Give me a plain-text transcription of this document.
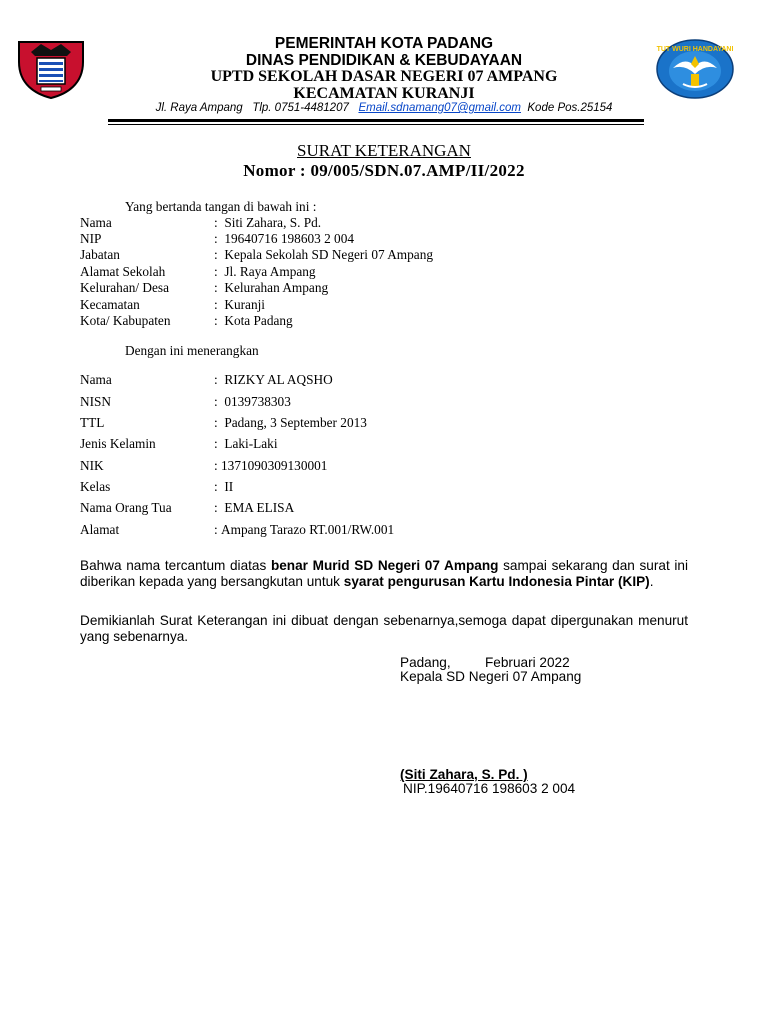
TUT WURI HANDAYANI
PEMERINTAH KOTA PADANG
DINAS PENDIDIKAN & KEBUDAYAAN
UPTD SEKOLAH DASAR NEGERI 07 AMPANG
KECAMATAN KURANJI
Jl. Raya Ampang Tlp. 0751-4481207 Email.sdnamang07@gmail.com Kode Pos.25154
SURAT KETERANGAN
Nomor : 09/005/SDN.07.AMP/II/2022
Yang bertanda tangan di bawah ini :
Nama	: Siti Zahara, S. Pd.
NIP	: 19640716 198603 2 004
Jabatan	: Kepala Sekolah SD Negeri 07 Ampang
Alamat Sekolah	: Jl. Raya Ampang
Kelurahan/ Desa	: Kelurahan Ampang
Kecamatan	: Kuranji
Kota/ Kabupaten	: Kota Padang
Dengan ini menerangkan
Nama	: RIZKY AL AQSHO
NISN	: 0139738303
TTL	: Padang, 3 September 2013
Jenis Kelamin	: Laki-Laki
NIK	: 1371090309130001
Kelas	: II
Nama Orang Tua	: EMA ELISA
Alamat	: Ampang Tarazo RT.001/RW.001
Bahwa nama tercantum diatas benar Murid SD Negeri 07 Ampang sampai sekarang dan surat ini diberikan kepada yang bersangkutan untuk syarat pengurusan Kartu Indonesia Pintar (KIP).
Demikianlah Surat Keterangan ini dibuat dengan sebenarnya,semoga dapat dipergunakan menurut yang sebenarnya.
Padang,	Februari 2022
Kepala SD Negeri 07 Ampang
(Siti Zahara, S. Pd. )
NIP.19640716 198603 2 004
